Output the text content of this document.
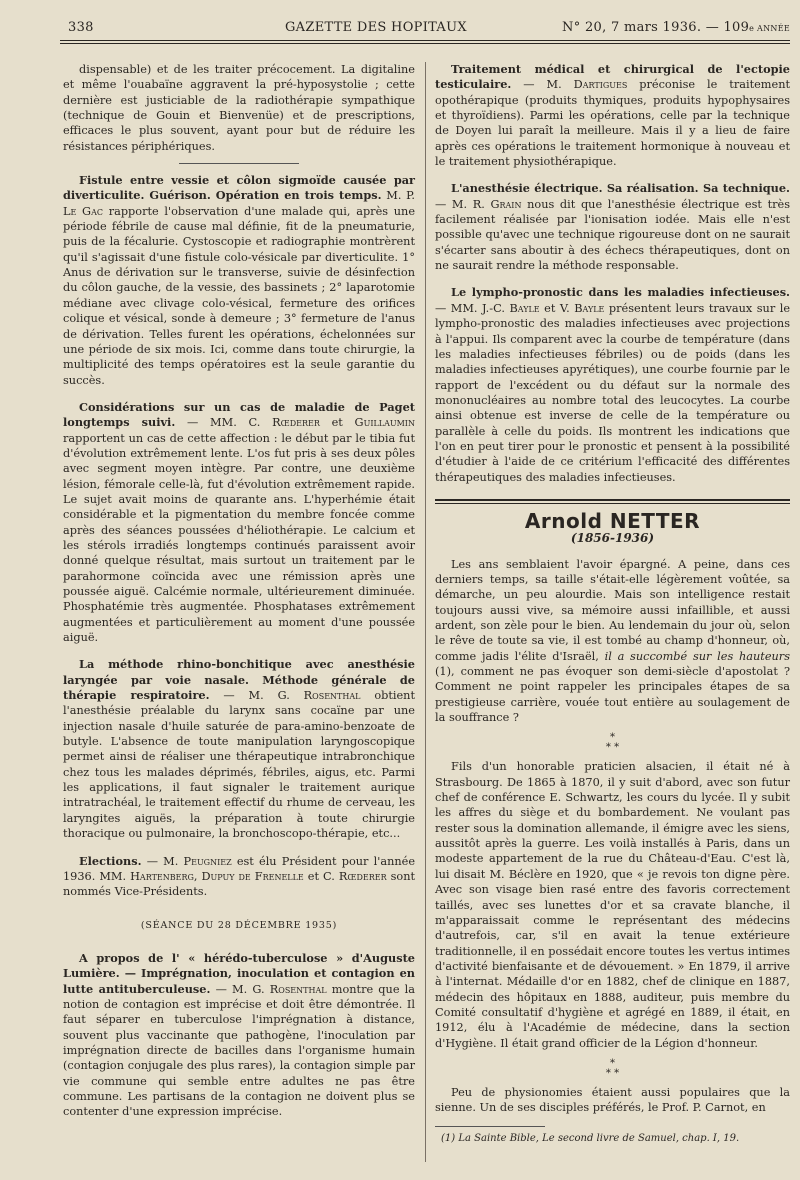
338	GAZETTE DES HOPITAUX	N° 20, 7 mars 1936. — 109e ANNÉE

dispensable) et de les traiter précocement. La digitaline et même l'ouabaïne aggravent la pré-hyposystolie ; cette dernière est justiciable de la radiothérapie sympathique (technique de Gouin et Bienvenüe) et de prescriptions, efficaces le plus souvent, ayant pour but de réduire les résistances périphériques.

Fistule entre vessie et côlon sigmoïde causée par diverticulite. Guérison. Opération en trois temps. M. P. Le Gac rapporte l'observation d'une malade qui, après une période fébrile de cause mal définie, fit de la pneumaturie, puis de la fécalurie. Cystoscopie et radiographie montrèrent qu'il s'agissait d'une fistule colo-vésicale par diverticulite. 1° Anus de dérivation sur le transverse, suivie de désinfection du côlon gauche, de la vessie, des bassinets ; 2° laparotomie médiane avec clivage colo-vésical, fermeture des orifices colique et vésical, sonde à demeure ; 3° fermeture de l'anus de dérivation. Telles furent les opérations, échelonnées sur une période de six mois. Ici, comme dans toute chirurgie, la multiplicité des temps opératoires est la seule garantie du succès.

Considérations sur un cas de maladie de Paget longtemps suivi. — MM. C. Rœderer et Guillaumin rapportent un cas de cette affection : le début par le tibia fut d'évolution extrêmement lente. L'os fut pris à ses deux pôles avec segment moyen intègre. Par contre, une deuxième lésion, fémorale celle-là, fut d'évolution extrêmement rapide. Le sujet avait moins de quarante ans. L'hyperhémie était considérable et la pigmentation du membre foncée comme après des séances poussées d'héliothérapie. Le calcium et les stérols irradiés longtemps continués paraissent avoir donné quelque résultat, mais surtout un traitement par le parahormone coïncida avec une rémission après une poussée aiguë. Calcémie normale, ultérieurement diminuée. Phosphatémie très augmentée. Phosphatases extrêmement augmentées et particulièrement au moment d'une poussée aiguë.

La méthode rhino-bonchitique avec anesthésie laryngée par voie nasale. Méthode générale de thérapie respiratoire. — M. G. Rosenthal obtient l'anesthésie préalable du larynx sans cocaïne par une injection nasale d'huile saturée de para-amino-benzoate de butyle. L'absence de toute manipulation laryngoscopique permet ainsi de réaliser une thérapeutique intrabronchique chez tous les malades déprimés, fébriles, aigus, etc. Parmi les applications, il faut signaler le traitement aurique intratrachéal, le traitement effectif du rhume de cerveau, les laryngites aiguës, la préparation à toute chirurgie thoracique ou pulmonaire, la bronchoscopo-thérapie, etc...

Elections. — M. Peugniez est élu Président pour l'année 1936. MM. Hartenberg, Dupuy de Frenelle et C. Rœderer sont nommés Vice-Présidents.

(SÉANCE DU 28 DÉCEMBRE 1935)

A propos de l' « hérédo-tuberculose » d'Auguste Lumière. — Imprégnation, inoculation et contagion en lutte antituberculeuse. — M. G. Rosenthal montre que la notion de contagion est imprécise et doit être démontrée. Il faut séparer en tuberculose l'imprégnation à distance, souvent plus vaccinante que pathogène, l'inoculation par imprégnation directe de bacilles dans l'organisme humain (contagion conjugale des plus rares), la contagion simple par vie commune qui semble entre adultes ne pas être commune. Les partisans de la contagion ne doivent plus se contenter d'une expression imprécise.

Traitement médical et chirurgical de l'ectopie testiculaire. — M. Dartigues préconise le traitement opothérapique (produits thymiques, produits hypophysaires et thyroïdiens). Parmi les opérations, celle par la technique de Doyen lui paraît la meilleure. Mais il y a lieu de faire après ces opérations le traitement hormonique à nouveau et le traitement physiothérapique.

L'anesthésie électrique. Sa réalisation. Sa technique. — M. R. Grain nous dit que l'anesthésie électrique est très facilement réalisée par l'ionisation iodée. Mais elle n'est possible qu'avec une technique rigoureuse dont on ne saurait s'écarter sans aboutir à des échecs thérapeutiques, dont on ne saurait rendre la méthode responsable.

Le lympho-pronostic dans les maladies infectieuses. — MM. J.-C. Bayle et V. Bayle présentent leurs travaux sur le lympho-pronostic des maladies infectieuses avec projections à l'appui. Ils comparent avec la courbe de température (dans les maladies infectieuses fébriles) ou de poids (dans les maladies infectieuses apyrétiques), une courbe fournie par le rapport de l'excédent ou du défaut sur la normale des mononucléaires au nombre total des leucocytes. La courbe ainsi obtenue est inverse de celle de la température ou parallèle à celle du poids. Ils montrent les indications que l'on en peut tirer pour le pronostic et pensent à la possibilité d'étudier à l'aide de ce critérium l'efficacité des différentes thérapeutiques des maladies infectieuses.

Arnold NETTER
(1856-1936)

Les ans semblaient l'avoir épargné. A peine, dans ces derniers temps, sa taille s'était-elle légèrement voûtée, sa démarche, un peu alourdie. Mais son intelligence restait toujours aussi vive, sa mémoire aussi infaillible, et aussi ardent, son zèle pour le bien. Au lendemain du jour où, selon le rêve de toute sa vie, il est tombé au champ d'honneur, où, comme jadis l'élite d'Israël, il a succombé sur les hauteurs (1), comment ne pas évoquer son demi-siècle d'apostolat ? Comment ne point rappeler les principales étapes de sa prestigieuse carrière, vouée tout entière au soulagement de la souffrance ?

*
* *

Fils d'un honorable praticien alsacien, il était né à Strasbourg. De 1865 à 1870, il y suit d'abord, avec son futur chef de conférence E. Schwartz, les cours du lycée. Il y subit les affres du siège et du bombardement. Ne voulant pas rester sous la domination allemande, il émigre avec les siens, aussitôt après la guerre. Les voilà installés à Paris, dans un modeste appartement de la rue du Château-d'Eau. C'est là, lui disait M. Béclère en 1920, que « je revois ton digne père. Avec son visage bien rasé entre des favoris correctement taillés, avec ses lunettes d'or et sa cravate blanche, il m'apparaissait comme le représentant des médecins d'autrefois, car, s'il en avait la tenue extérieure traditionnelle, il en possédait encore toutes les vertus intimes d'activité bienfaisante et de dévouement. » En 1879, il arrive à l'internat. Médaille d'or en 1882, chef de clinique en 1887, médecin des hôpitaux en 1888, auditeur, puis membre du Comité consultatif d'hygiène et agrégé en 1889, il était, en 1912, élu à l'Académie de médecine, dans la section d'Hygiène. Il était grand officier de la Légion d'honneur.

*
* *

Peu de physionomies étaient aussi populaires que la sienne. Un de ses disciples préférés, le Prof. P. Carnot, en

(1) La Sainte Bible, Le second livre de Samuel, chap. I, 19.
